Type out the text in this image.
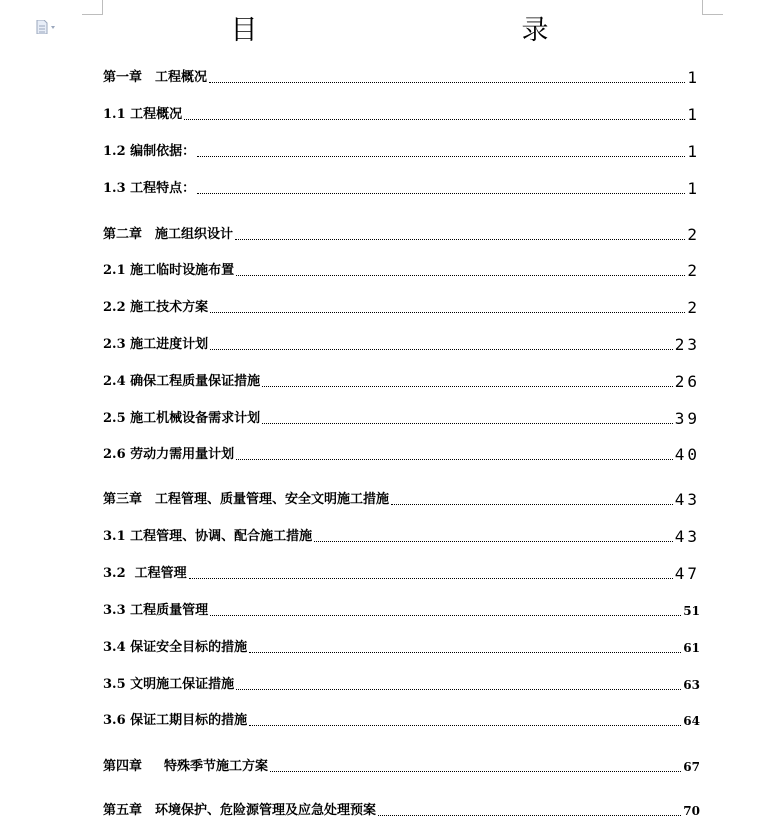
目　　录
第一章　工程概况	1
1.1 工程概况	1
1.2 编制依据：	1
1.3 工程特点：	1
第二章　施工组织设计	2
2.1 施工临时设施布置	2
2.2 施工技术方案	2
2.3 施工进度计划	23
2.4 确保工程质量保证措施	26
2.5 施工机械设备需求计划	39
2.6 劳动力需用量计划	40
第三章　工程管理、质量管理、安全文明施工措施	43
3.1 工程管理、协调、配合施工措施	43
3.2  工程管理	47
3.3 工程质量管理	51
3.4 保证安全目标的措施	61
3.5 文明施工保证措施	63
3.6 保证工期目标的措施	64
第四章　  特殊季节施工方案	67
第五章　环境保护、危险源管理及应急处理预案	70
